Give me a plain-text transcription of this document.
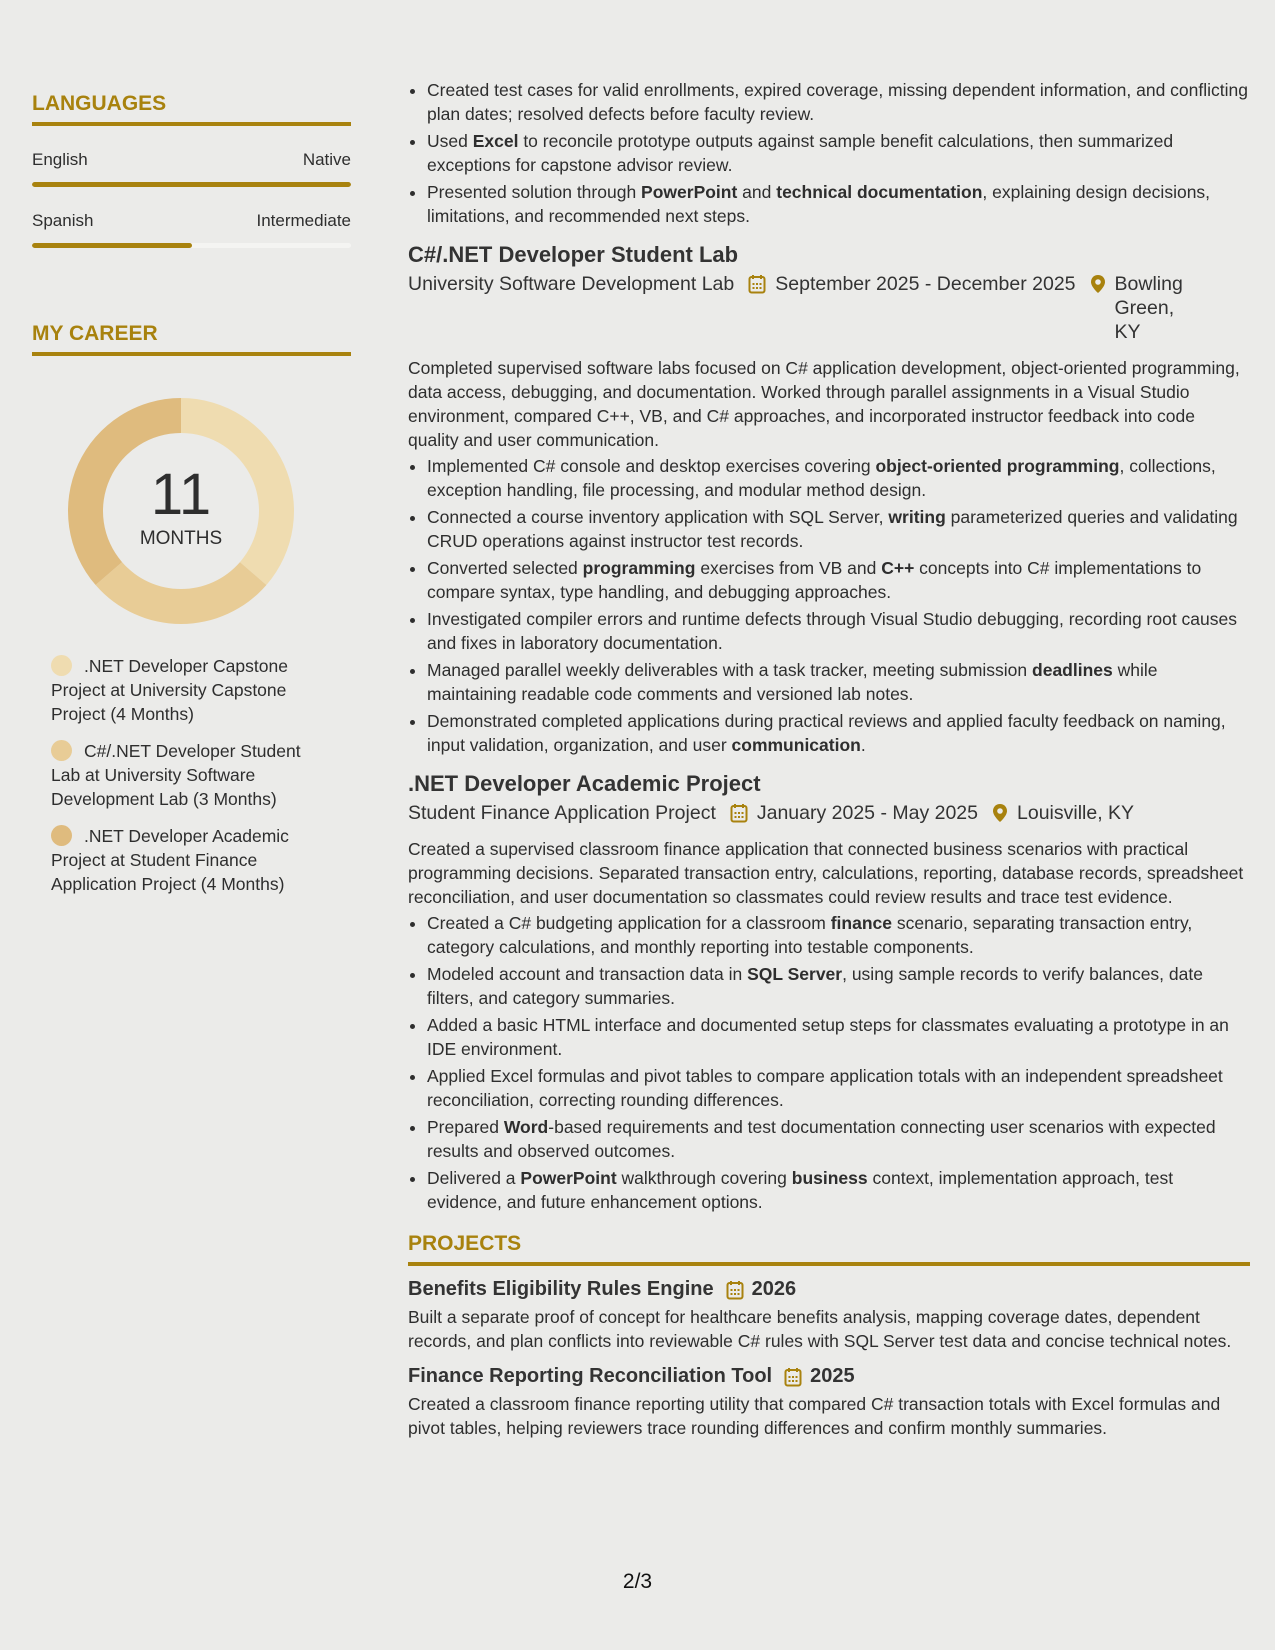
LANGUAGES
English	Native
Spanish	Intermediate
MY CAREER
11
MONTHS
.NET Developer Capstone Project at University Capstone Project (4 Months)
C#/.NET Developer Student Lab at University Software Development Lab (3 Months)
.NET Developer Academic Project at Student Finance Application Project (4 Months)
• Created test cases for valid enrollments, expired coverage, missing dependent information, and conflicting plan dates; resolved defects before faculty review.
• Used Excel to reconcile prototype outputs against sample benefit calculations, then summarized exceptions for capstone advisor review.
• Presented solution through PowerPoint and technical documentation, explaining design decisions, limitations, and recommended next steps.
C#/.NET Developer Student Lab
University Software Development Lab September 2025 - December 2025 Bowling Green, KY

Completed supervised software labs focused on C# application development, object-oriented programming, data access, debugging, and documentation. Worked through parallel assignments in a Visual Studio environment, compared C++, VB, and C# approaches, and incorporated instructor feedback into code quality and user communication.

• Implemented C# console and desktop exercises covering object-oriented programming, collections, exception handling, file processing, and modular method design.
• Connected a course inventory application with SQL Server, writing parameterized queries and validating CRUD operations against instructor test records.
• Converted selected programming exercises from VB and C++ concepts into C# implementations to compare syntax, type handling, and debugging approaches.
• Investigated compiler errors and runtime defects through Visual Studio debugging, recording root causes and fixes in laboratory documentation.
• Managed parallel weekly deliverables with a task tracker, meeting submission deadlines while maintaining readable code comments and versioned lab notes.
• Demonstrated completed applications during practical reviews and applied faculty feedback on naming, input validation, organization, and user communication.
.NET Developer Academic Project
Student Finance Application Project January 2025 - May 2025 Louisville, KY

Created a supervised classroom finance application that connected business scenarios with practical programming decisions. Separated transaction entry, calculations, reporting, database records, spreadsheet reconciliation, and user documentation so classmates could review results and trace test evidence.

• Created a C# budgeting application for a classroom finance scenario, separating transaction entry, category calculations, and monthly reporting into testable components.
• Modeled account and transaction data in SQL Server, using sample records to verify balances, date filters, and category summaries.
• Added a basic HTML interface and documented setup steps for classmates evaluating a prototype in an IDE environment.
• Applied Excel formulas and pivot tables to compare application totals with an independent spreadsheet reconciliation, correcting rounding differences.
• Prepared Word-based requirements and test documentation connecting user scenarios with expected results and observed outcomes.
• Delivered a PowerPoint walkthrough covering business context, implementation approach, test evidence, and future enhancement options.
PROJECTS
Benefits Eligibility Rules Engine 2026

Built a separate proof of concept for healthcare benefits analysis, mapping coverage dates, dependent records, and plan conflicts into reviewable C# rules with SQL Server test data and concise technical notes.

Finance Reporting Reconciliation Tool 2025

Created a classroom finance reporting utility that compared C# transaction totals with Excel formulas and pivot tables, helping reviewers trace rounding differences and confirm monthly summaries.

2/3
